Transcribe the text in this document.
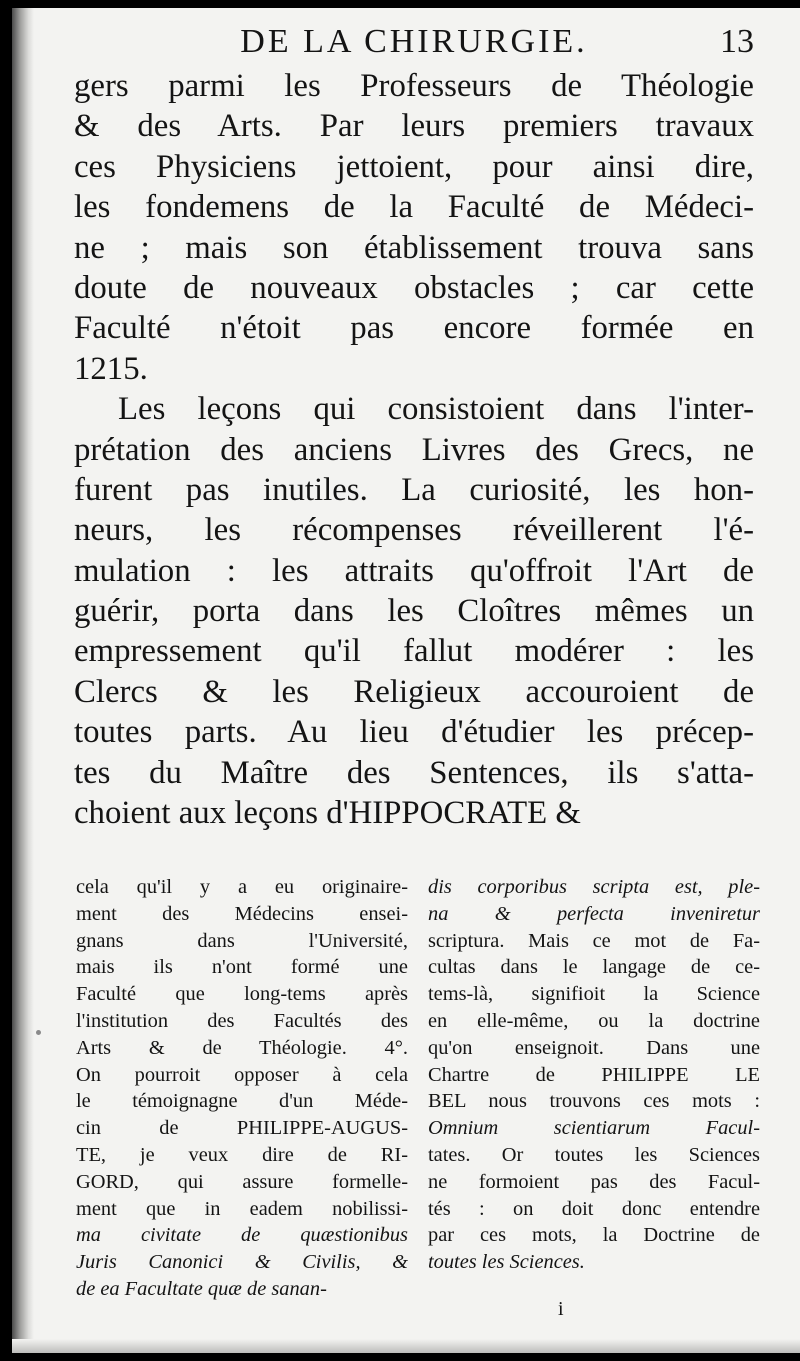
DE LA CHIRURGIE.	13
gers parmi les Professeurs de Théologie
& des Arts. Par leurs premiers travaux
ces Physiciens jettoient, pour ainsi dire,
les fondemens de la Faculté de Médeci-
ne ; mais son établissement trouva sans
doute de nouveaux obstacles ; car cette
Faculté n'étoit pas encore formée en
1215.
Les leçons qui consistoient dans l'inter-
prétation des anciens Livres des Grecs, ne
furent pas inutiles. La curiosité, les hon-
neurs, les récompenses réveillerent l'é-
mulation : les attraits qu'offroit l'Art de
guérir, porta dans les Cloîtres mêmes un
empressement qu'il fallut modérer : les
Clercs & les Religieux accouroient de
toutes parts. Au lieu d'étudier les précep-
tes du Maître des Sentences, ils s'atta-
choient aux leçons d'HIPPOCRATE &
cela qu'il y a eu originaire-
ment des Médecins ensei-
gnans dans l'Université,
mais ils n'ont formé une
Faculté que long-tems après
l'institution des Facultés des
Arts & de Théologie. 4°.
On pourroit opposer à cela
le témoignagne d'un Méde-
cin de PHILIPPE-AUGUS-
TE, je veux dire de RI-
GORD, qui assure formelle-
ment que in eadem nobilissi-
ma civitate de quæstionibus
Juris Canonici & Civilis, &
de ea Facultate quæ de sanan-
dis corporibus scripta est, ple-
na & perfecta inveniretur
scriptura. Mais ce mot de Fa-
cultas dans le langage de ce-
tems-là, signifioit la Science
en elle-même, ou la doctrine
qu'on enseignoit. Dans une
Chartre de PHILIPPE LE
BEL nous trouvons ces mots :
Omnium scientiarum Facul-
tates. Or toutes les Sciences
ne formoient pas des Facul-
tés : on doit donc entendre
par ces mots, la Doctrine de
toutes les Sciences.
i
